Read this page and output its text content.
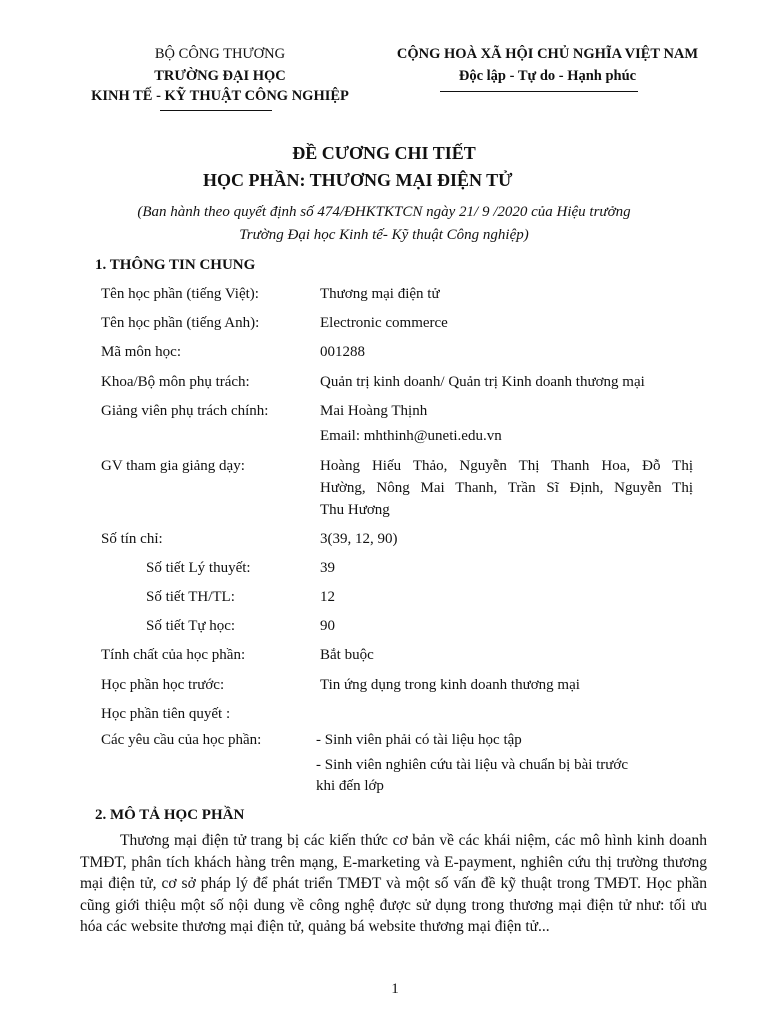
BỘ CÔNG THƯƠNG
TRƯỜNG ĐẠI HỌC
KINH TẾ - KỸ THUẬT CÔNG NGHIỆP
CỘNG HOÀ XÃ HỘI CHỦ NGHĨA VIỆT NAM
Độc lập - Tự do - Hạnh phúc
ĐỀ CƯƠNG CHI TIẾT
HỌC PHẦN: THƯƠNG MẠI ĐIỆN TỬ
(Ban hành theo quyết định số 474/ĐHKTKTCN ngày 21/ 9 /2020 của Hiệu trưởng
Trường Đại học Kinh tế- Kỹ thuật Công nghiệp)
1. THÔNG TIN CHUNG
Tên học phần (tiếng Việt):	Thương mại điện tử
Tên học phần (tiếng Anh):	Electronic commerce
Mã môn học:	001288
Khoa/Bộ môn phụ trách:	Quản trị kinh doanh/ Quản trị Kinh doanh thương mại
Giảng viên phụ trách chính:	Mai Hoàng Thịnh
Email: mhthinh@uneti.edu.vn
GV tham gia giảng dạy:	Hoàng Hiếu Thảo, Nguyễn Thị Thanh Hoa, Đỗ Thị
Hường, Nông Mai Thanh, Trần Sĩ Định, Nguyễn Thị
Thu Hương
Số tín chỉ:	3(39, 12, 90)
Số tiết Lý thuyết:	39
Số tiết TH/TL:	12
Số tiết Tự học:	90
Tính chất của học phần:	Bắt buộc
Học phần học trước:	Tin ứng dụng trong kinh doanh thương mại
Học phần tiên quyết :
Các yêu cầu của học phần:	- Sinh viên phải có tài liệu học tập
- Sinh viên nghiên cứu tài liệu và chuẩn bị bài trước
khi đến lớp
2. MÔ TẢ HỌC PHẦN
Thương mại điện tử trang bị các kiến thức cơ bản về các khái niệm, các mô hình kinh doanh TMĐT, phân tích khách hàng trên mạng, E-marketing và E-payment, nghiên cứu thị trường thương mại điện tử, cơ sở pháp lý để phát triển TMĐT và một số vấn đề kỹ thuật trong TMĐT. Học phần cũng giới thiệu một số nội dung về công nghệ được sử dụng trong thương mại điện tử như: tối ưu hóa các website thương mại điện tử, quảng bá website thương mại điện tử...
1
